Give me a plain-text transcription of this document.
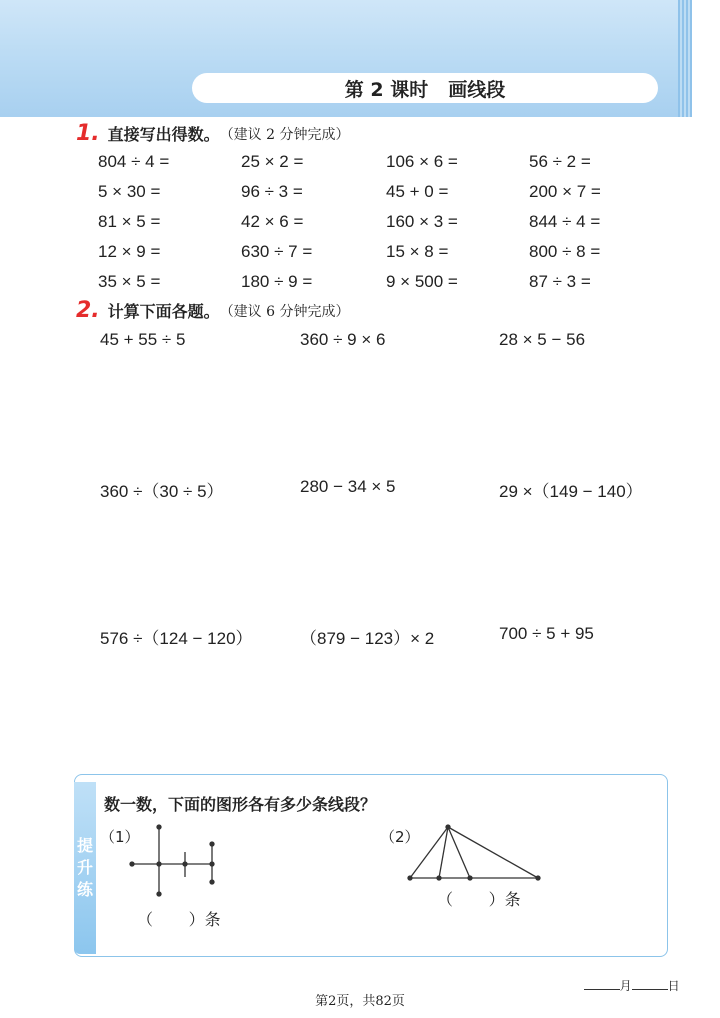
第 2 课时 画线段
1. 直接写出得数。 （建议 2 分钟完成）
804 ÷ 4 =	25 × 2 =	106 × 6 =	56 ÷ 2 =
5 × 30 =	96 ÷ 3 =	45 + 0 =	200 × 7 =
81 × 5 =	42 × 6 =	160 × 3 =	844 ÷ 4 =
12 × 9 =	630 ÷ 7 =	15 × 8 =	800 ÷ 8 =
35 × 5 =	180 ÷ 9 =	9 × 500 =	87 ÷ 3 =
2. 计算下面各题。 （建议 6 分钟完成）
45 + 55 ÷ 5	360 ÷ 9 × 6	28 × 5 − 56
360 ÷（30 ÷ 5）	280 − 34 × 5	29 ×（149 − 140）
576 ÷（124 − 120）	（879 − 123）× 2	700 ÷ 5 + 95
提
升
练
数一数，下面的图形各有多少条线段？
（1）
（       ）条
（2）
（       ）条

月	日

第2页，共82页
